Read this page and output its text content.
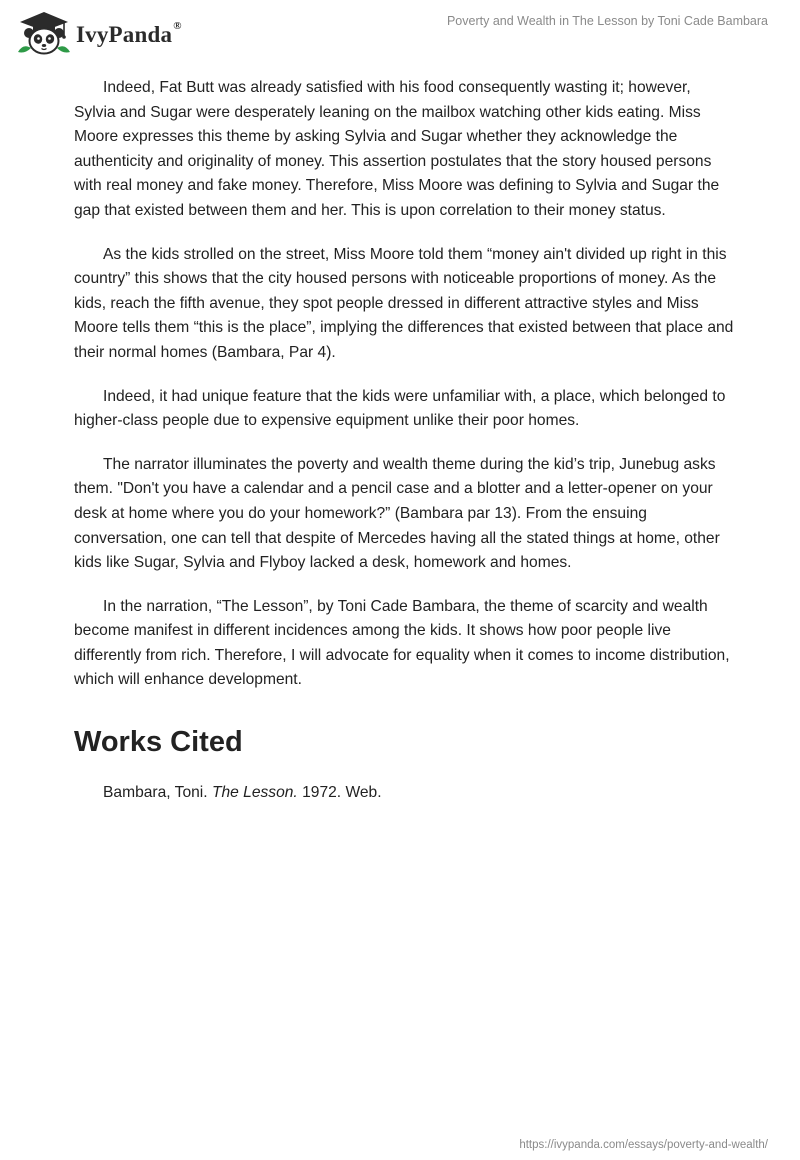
IvyPanda®	Poverty and Wealth in The Lesson by Toni Cade Bambara

Indeed, Fat Butt was already satisfied with his food consequently wasting it; however, Sylvia and Sugar were desperately leaning on the mailbox watching other kids eating. Miss Moore expresses this theme by asking Sylvia and Sugar whether they acknowledge the authenticity and originality of money. This assertion postulates that the story housed persons with real money and fake money. Therefore, Miss Moore was defining to Sylvia and Sugar the gap that existed between them and her. This is upon correlation to their money status.

As the kids strolled on the street, Miss Moore told them “money ain't divided up right in this country” this shows that the city housed persons with noticeable proportions of money. As the kids, reach the fifth avenue, they spot people dressed in different attractive styles and Miss Moore tells them “this is the place”, implying the differences that existed between that place and their normal homes (Bambara, Par 4).

Indeed, it had unique feature that the kids were unfamiliar with, a place, which belonged to higher-class people due to expensive equipment unlike their poor homes.

The narrator illuminates the poverty and wealth theme during the kid’s trip, Junebug asks them. "Don't you have a calendar and a pencil case and a blotter and a letter-opener on your desk at home where you do your homework?” (Bambara par 13). From the ensuing conversation, one can tell that despite of Mercedes having all the stated things at home, other kids like Sugar, Sylvia and Flyboy lacked a desk, homework and homes.

In the narration, “The Lesson”, by Toni Cade Bambara, the theme of scarcity and wealth become manifest in different incidences among the kids. It shows how poor people live differently from rich. Therefore, I will advocate for equality when it comes to income distribution, which will enhance development.

Works Cited

Bambara, Toni. The Lesson. 1972. Web.

https://ivypanda.com/essays/poverty-and-wealth/
